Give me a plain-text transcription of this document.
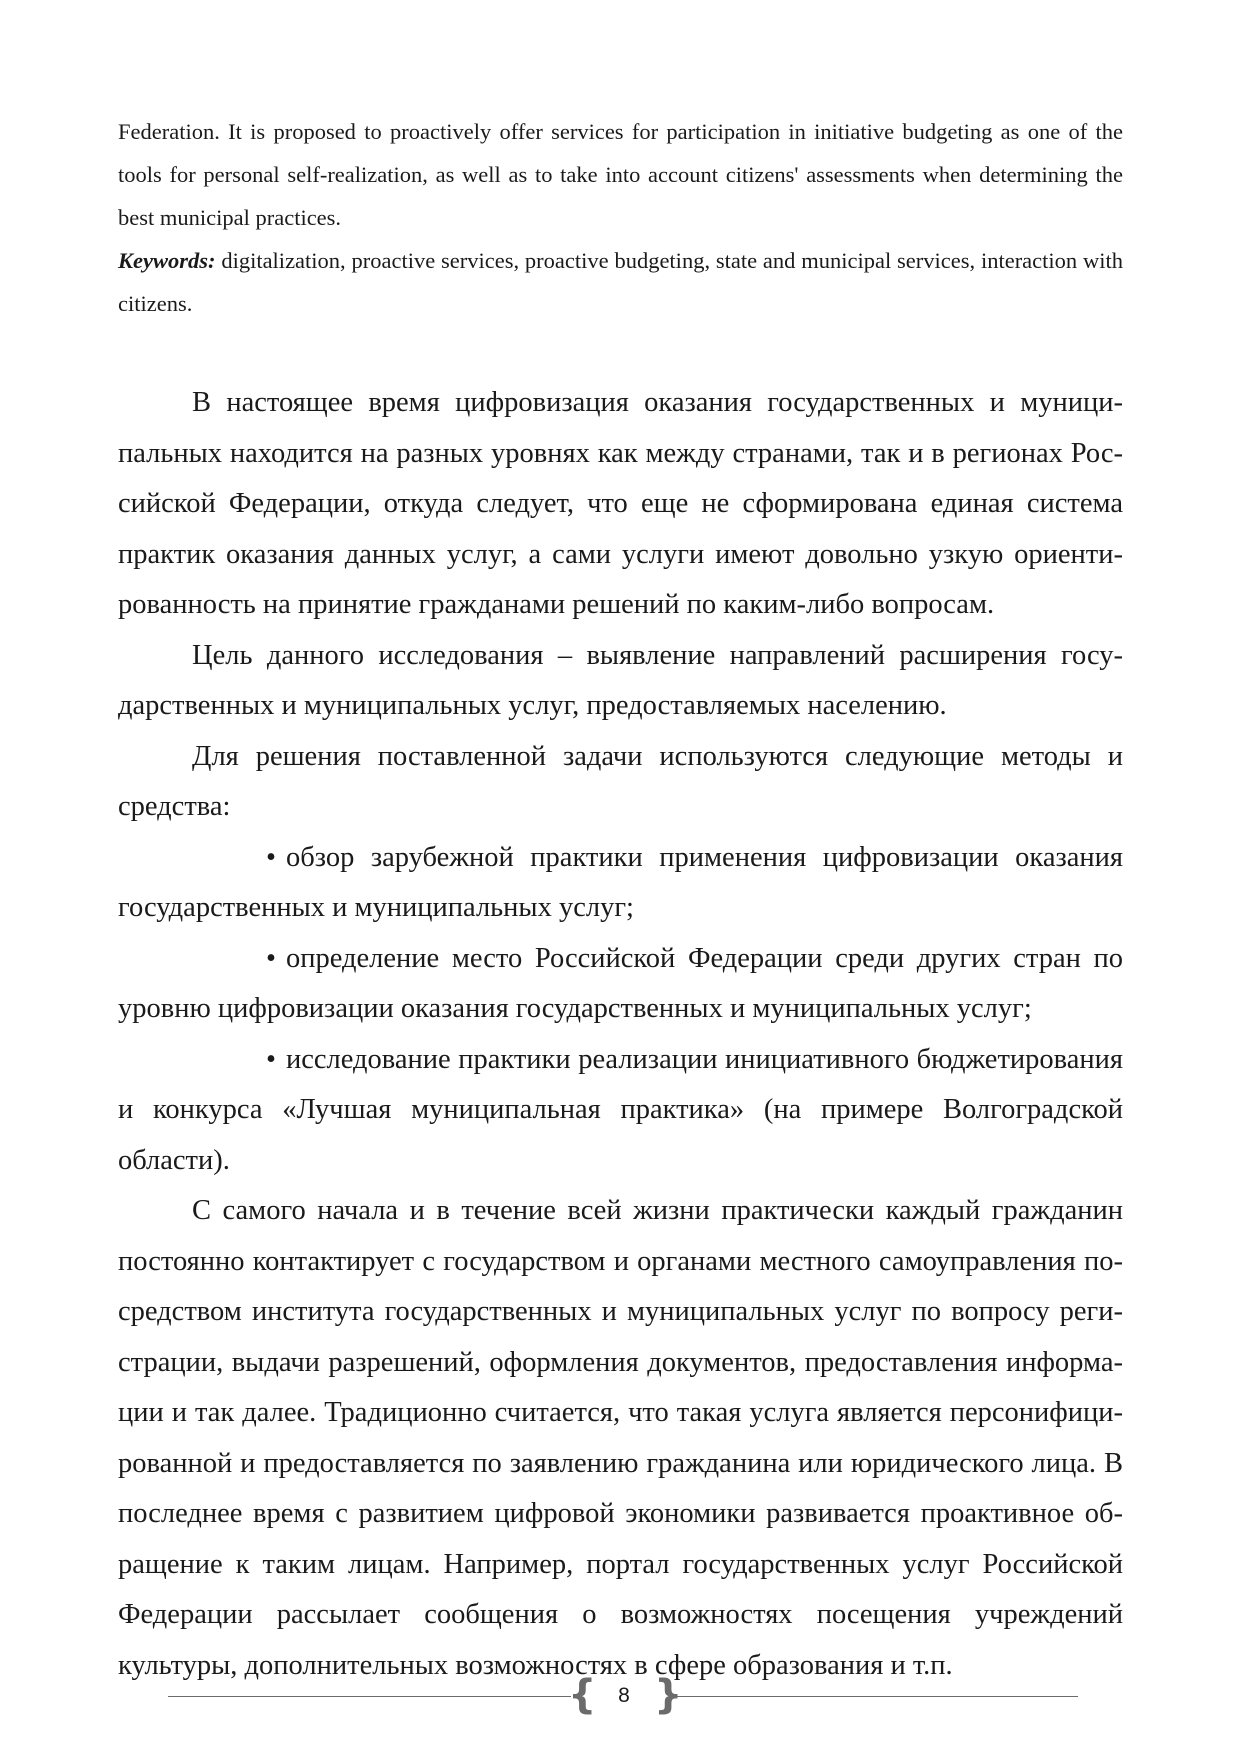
Federation. It is proposed to proactively offer services for participation in initiative budgeting as one of the tools for personal self-realization, as well as to take into account citizens' assessments when determining the best municipal practices.

Keywords: digitalization, proactive services, proactive budgeting, state and municipal services, interaction with citizens.

В настоящее время цифровизация оказания государственных и муниципальных находится на разных уровнях как между странами, так и в регионах Российской Федерации, откуда следует, что еще не сформирована единая система практик оказания данных услуг, а сами услуги имеют довольно узкую ориентированность на принятие гражданами решений по каким-либо вопросам.

Цель данного исследования – выявление направлений расширения государственных и муниципальных услуг, предоставляемых населению.

Для решения поставленной задачи используются следующие методы и средства:

• обзор зарубежной практики применения цифровизации оказания государственных и муниципальных услуг;

• определение место Российской Федерации среди других стран по уровню цифровизации оказания государственных и муниципальных услуг;

• исследование практики реализации инициативного бюджетирования и конкурса «Лучшая муниципальная практика» (на примере Волгоградской области).

С самого начала и в течение всей жизни практически каждый гражданин постоянно контактирует с государством и органами местного самоуправления посредством института государственных и муниципальных услуг по вопросу регистрации, выдачи разрешений, оформления документов, предоставления информации и так далее. Традиционно считается, что такая услуга является персонифицированной и предоставляется по заявлению гражданина или юридического лица. В последнее время с развитием цифровой экономики развивается проактивное обращение к таким лицам. Например, портал государственных услуг Российской Федерации рассылает сообщения о возможностях посещения учреждений культуры, дополнительных возможностях в сфере образования и т.п.

{	8 }
